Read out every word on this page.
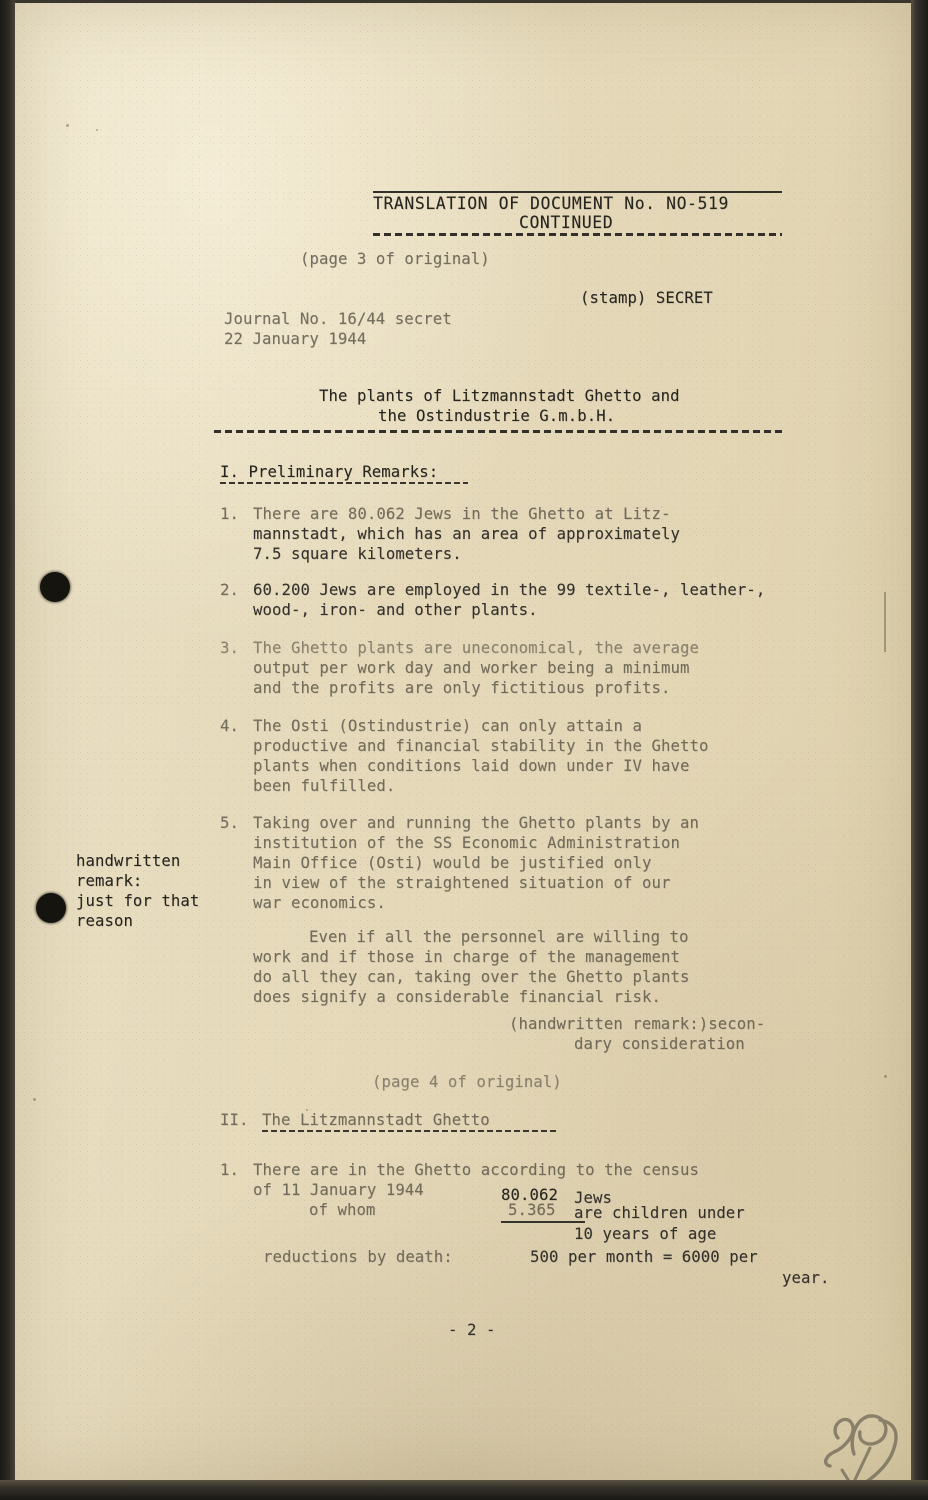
TRANSLATION OF DOCUMENT No. NO-519
CONTINUED
(page 3 of original)
(stamp) SECRET
Journal No. 16/44 secret
22 January 1944
The plants of Litzmannstadt Ghetto and
the Ostindustrie G.m.b.H.
I. Preliminary Remarks:
1. There are 80.062 Jews in the Ghetto at Litz-
mannstadt, which has an area of approximately
7.5 square kilometers.
2. 60.200 Jews are employed in the 99 textile-, leather-,
wood-, iron- and other plants.
3. The Ghetto plants are uneconomical, the average
output per work day and worker being a minimum
and the profits are only fictitious profits.
4. The Osti (Ostindustrie) can only attain a
productive and financial stability in the Ghetto
plants when conditions laid down under IV have
been fulfilled.
5. Taking over and running the Ghetto plants by an
institution of the SS Economic Administration
Main Office (Osti) would be justified only
in view of the straightened situation of our
war economics.
handwritten
remark:
just for that
reason
Even if all the personnel are willing to
work and if those in charge of the management
do all they can, taking over the Ghetto plants
does signify a considerable financial risk.
(handwritten remark:)secon-
dary consideration
(page 4 of original)
II. The Litzmannstadt Ghetto
1. There are in the Ghetto according to the census
of 11 January 1944
of whom
80.062 Jews
5.365 are children under
10 years of age
reductions by death:	500 per month = 6000 per
year.
- 2 -
